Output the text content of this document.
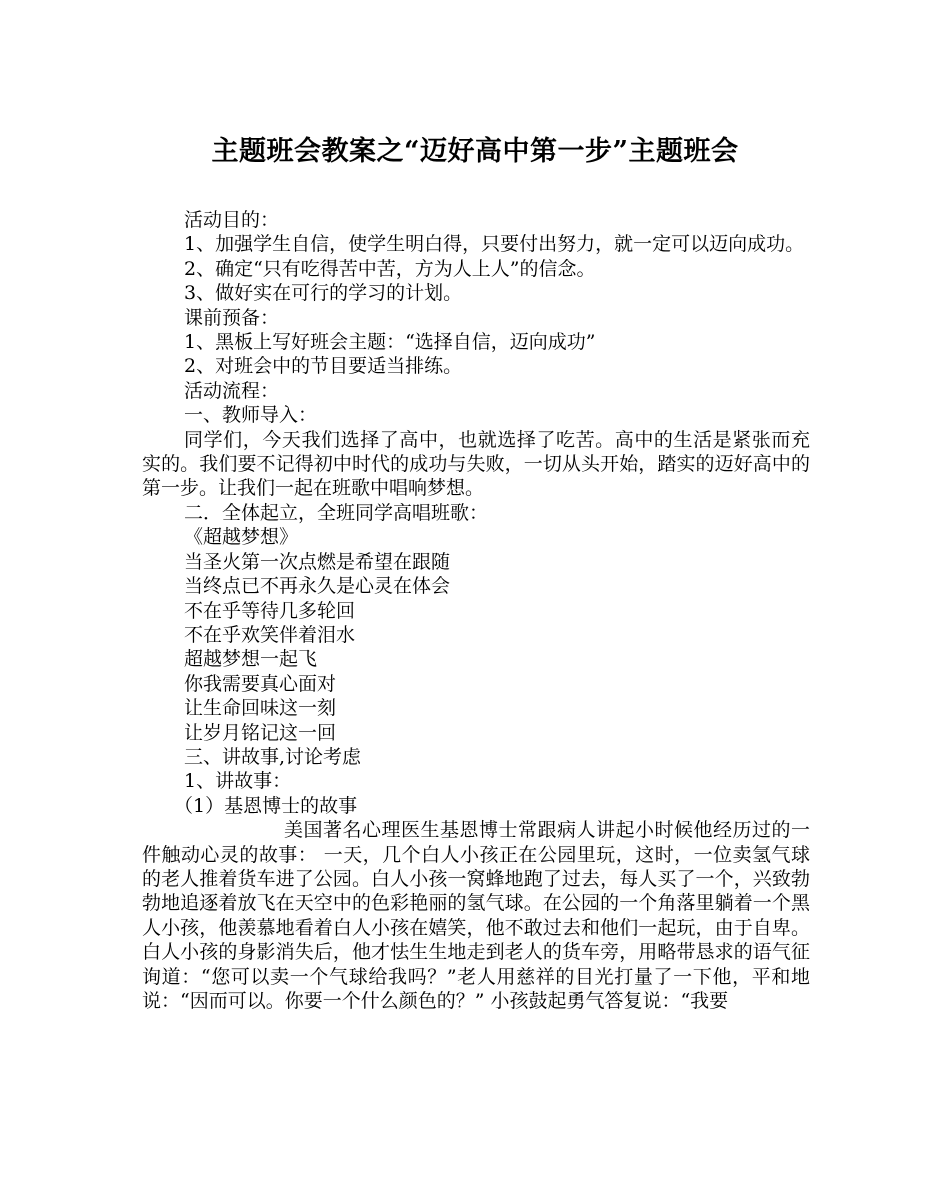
主题班会教案之“迈好高中第一步”主题班会

活动目的：

1、加强学生自信，使学生明白得，只要付出努力，就一定可以迈向成功。

2、确定“只有吃得苦中苦，方为人上人”的信念。

3、做好实在可行的学习的计划。

课前预备：

1、黑板上写好班会主题：“选择自信，迈向成功”

2、对班会中的节目要适当排练。

活动流程：

一、教师导入：

同学们，今天我们选择了高中，也就选择了吃苦。高中的生活是紧张而充实的。我们要不记得初中时代的成功与失败，一切从头开始，踏实的迈好高中的第一步。让我们一起在班歌中唱响梦想。

二．全体起立，全班同学高唱班歌：

《超越梦想》

当圣火第一次点燃是希望在跟随

当终点已不再永久是心灵在体会

不在乎等待几多轮回

不在乎欢笑伴着泪水

超越梦想一起飞

你我需要真心面对

让生命回味这一刻

让岁月铭记这一回

三、讲故事,讨论考虑

1、讲故事：

（1）基恩博士的故事

美国著名心理医生基恩博士常跟病人讲起小时候他经历过的一件触动心灵的故事： 一天，几个白人小孩正在公园里玩，这时，一位卖氢气球的老人推着货车进了公园。白人小孩一窝蜂地跑了过去，每人买了一个，兴致勃勃地追逐着放飞在天空中的色彩艳丽的氢气球。在公园的一个角落里躺着一个黑人小孩，他羡慕地看着白人小孩在嬉笑，他不敢过去和他们一起玩，由于自卑。白人小孩的身影消失后，他才怯生生地走到老人的货车旁，用略带恳求的语气征询道：“您可以卖一个气球给我吗？”老人用慈祥的目光打量了一下他，平和地说：“因而可以。你要一个什么颜色的？” 小孩鼓起勇气答复说：“我要
